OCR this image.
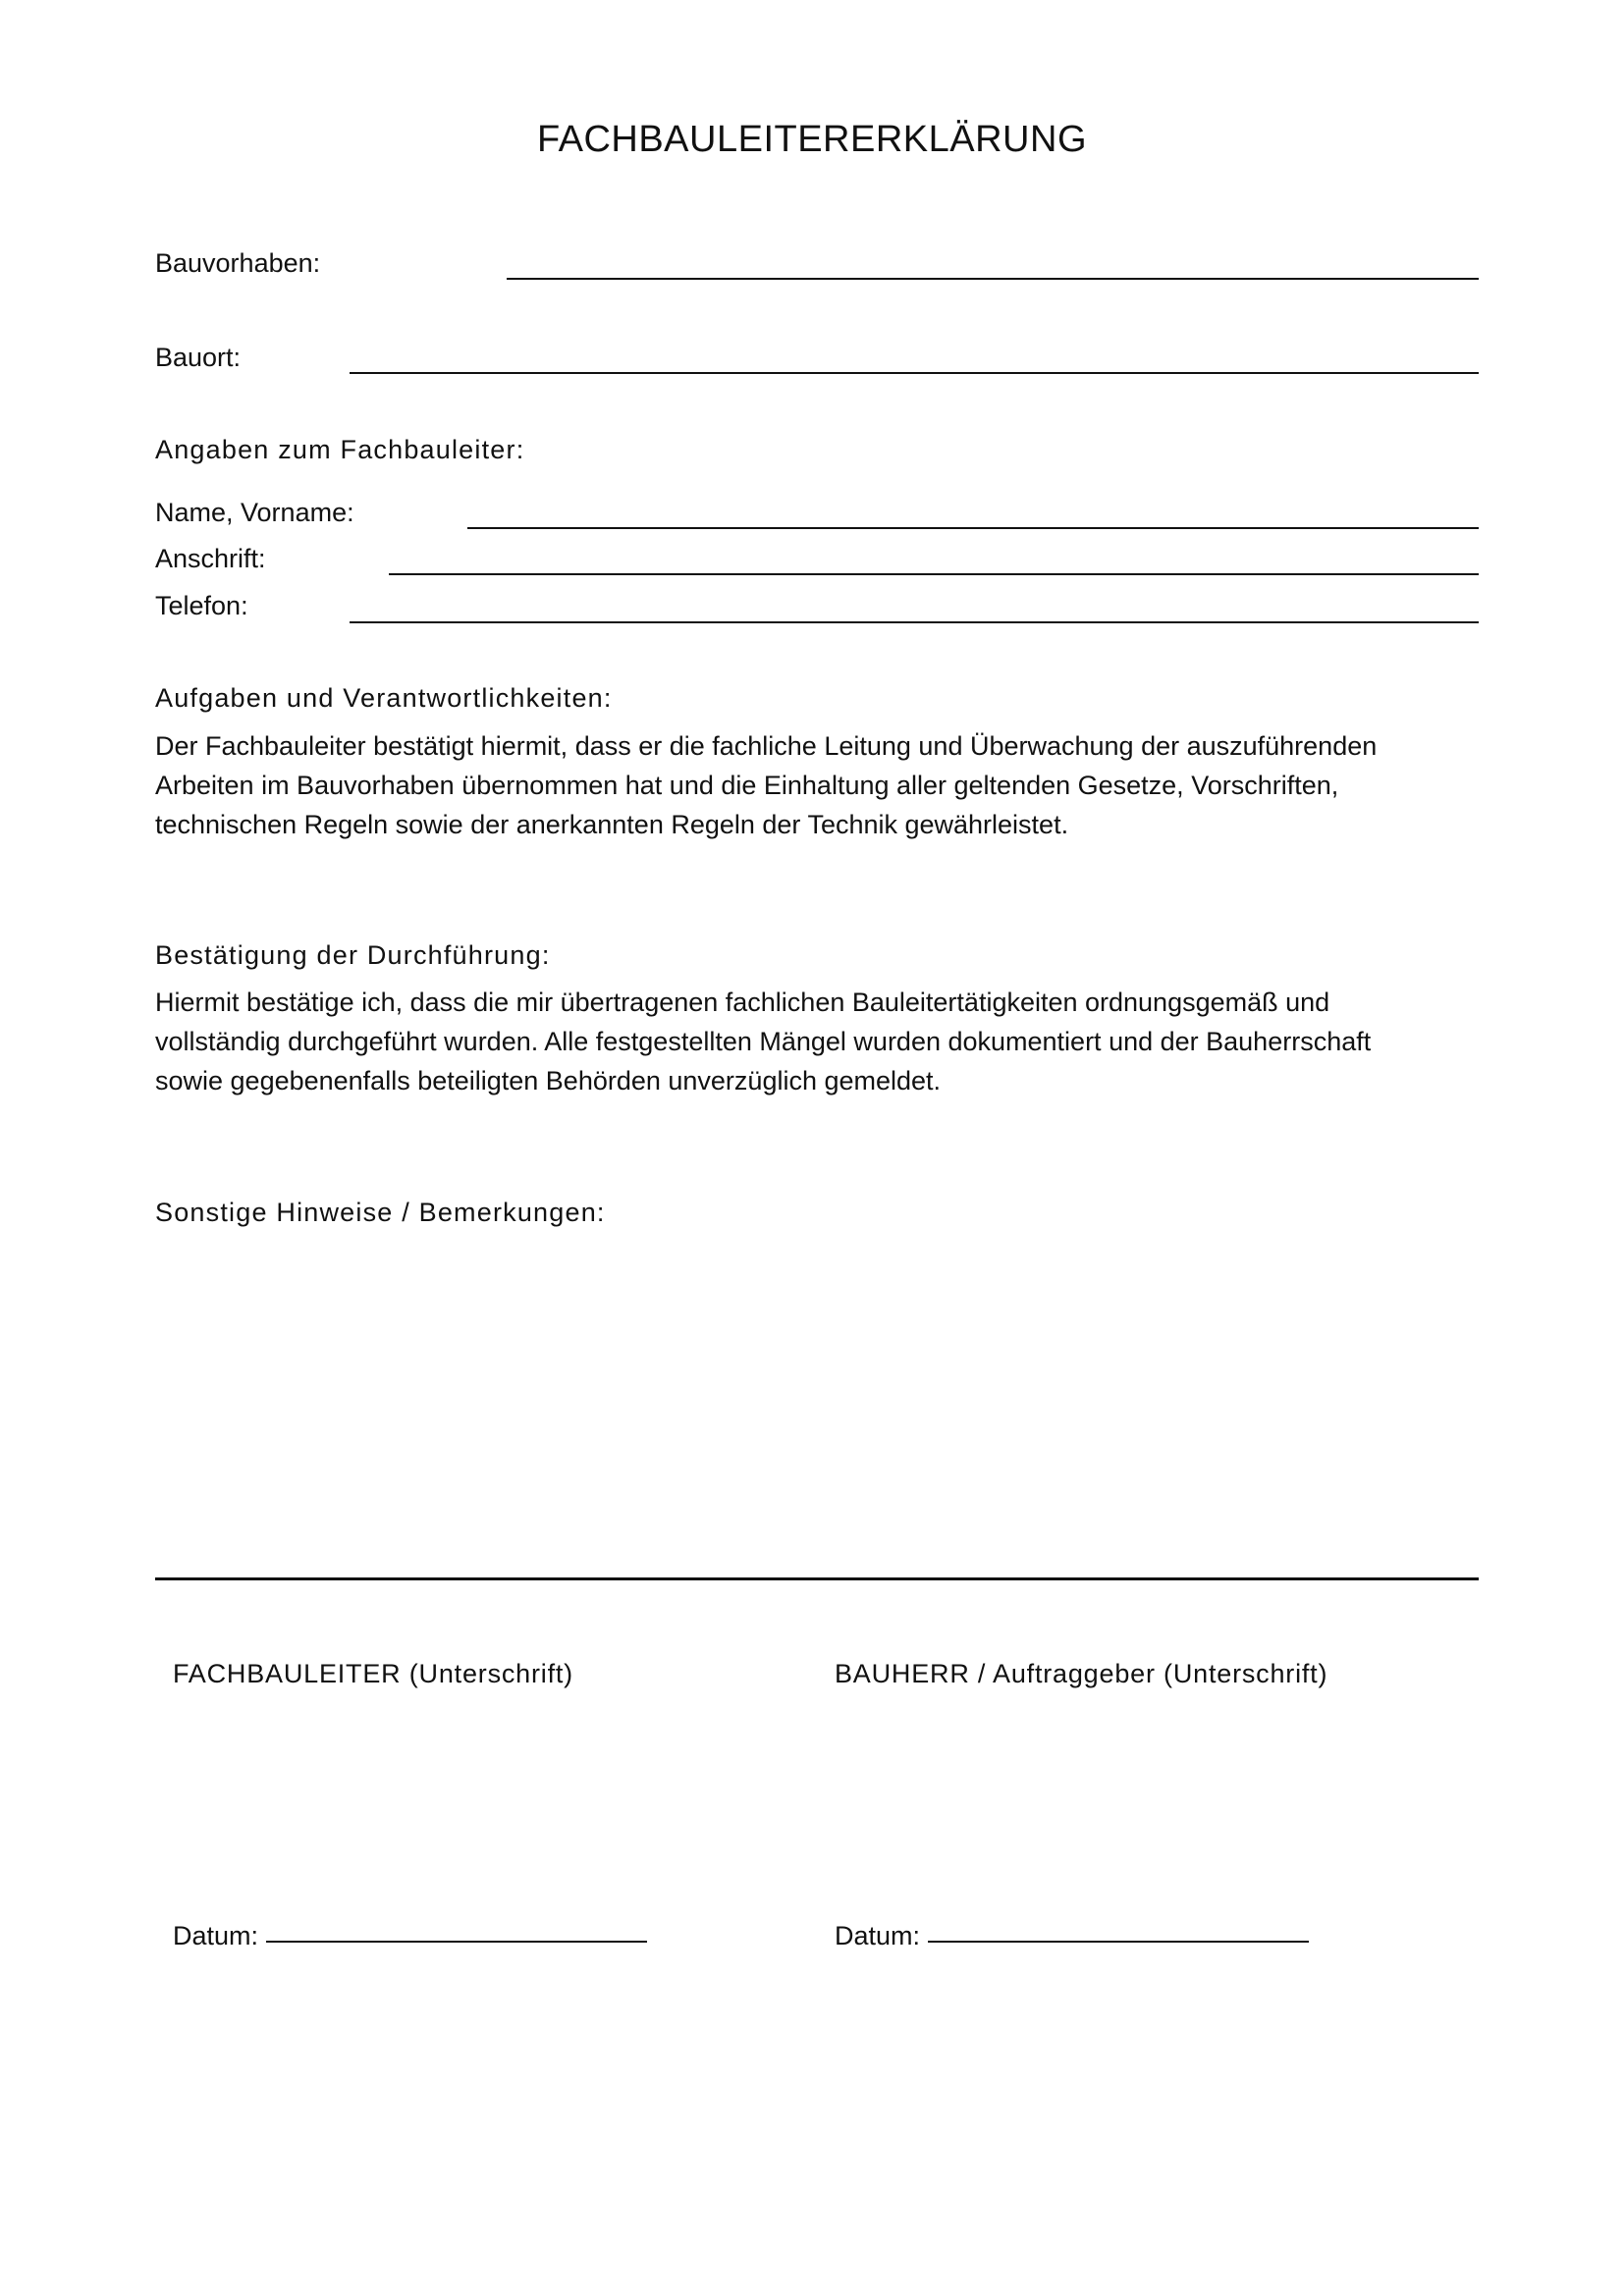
FACHBAULEITERERKLÄRUNG
Bauvorhaben:
Bauort:
Angaben zum Fachbauleiter:
Name, Vorname:
Anschrift:
Telefon:
Aufgaben und Verantwortlichkeiten:

Der Fachbauleiter bestätigt hiermit, dass er die fachliche Leitung und Überwachung der auszuführenden

Arbeiten im Bauvorhaben übernommen hat und die Einhaltung aller geltenden Gesetze, Vorschriften,

technischen Regeln sowie der anerkannten Regeln der Technik gewährleistet.

Bestätigung der Durchführung:

Hiermit bestätige ich, dass die mir übertragenen fachlichen Bauleitertätigkeiten ordnungsgemäß und

vollständig durchgeführt wurden. Alle festgestellten Mängel wurden dokumentiert und der Bauherrschaft

sowie gegebenenfalls beteiligten Behörden unverzüglich gemeldet.

Sonstige Hinweise / Bemerkungen:
FACHBAULEITER (Unterschrift)	BAUHERR / Auftraggeber (Unterschrift)
Datum:	Datum:
